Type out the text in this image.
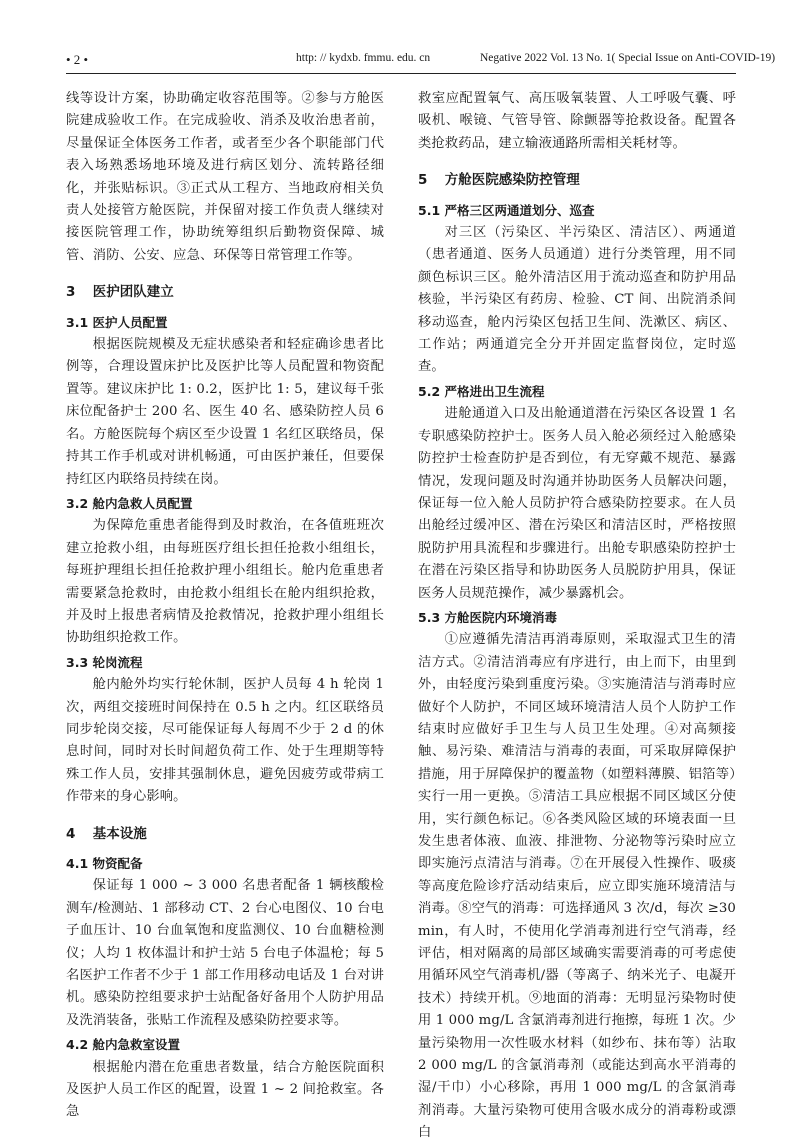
• 2 •	http: // kydxb. fmmu. edu. cn	Negative 2022 Vol. 13 No. 1( Special Issue on Anti-COVID-19)

线等设计方案，协助确定收容范围等。②参与方舱医院建成验收工作。在完成验收、消杀及收治患者前，尽量保证全体医务工作者，或者至少各个职能部门代表入场熟悉场地环境及进行病区划分、流转路径细化，并张贴标识。③正式从工程方、当地政府相关负责人处接管方舱医院，并保留对接工作负责人继续对接医院管理工作，协助统筹组织后勤物资保障、城管、消防、公安、应急、环保等日常管理工作等。

3 医护团队建立
3.1 医护人员配置

根据医院规模及无症状感染者和轻症确诊患者比例等，合理设置床护比及医护比等人员配置和物资配置等。建议床护比 1: 0.2，医护比 1: 5，建议每千张床位配备护士 200 名、医生 40 名、感染防控人员 6 名。方舱医院每个病区至少设置 1 名红区联络员，保持其工作手机或对讲机畅通，可由医护兼任，但要保持红区内联络员持续在岗。

3.2 舱内急救人员配置

为保障危重患者能得到及时救治，在各值班班次建立抢救小组，由每班医疗组长担任抢救小组组长，每班护理组长担任抢救护理小组组长。舱内危重患者需要紧急抢救时，由抢救小组组长在舱内组织抢救，并及时上报患者病情及抢救情况，抢救护理小组组长协助组织抢救工作。

3.3 轮岗流程

舱内舱外均实行轮休制，医护人员每 4 h 轮岗 1 次，两组交接班时间保持在 0.5 h 之内。红区联络员同步轮岗交接，尽可能保证每人每周不少于 2 d 的休息时间，同时对长时间超负荷工作、处于生理期等特殊工作人员，安排其强制休息，避免因疲劳或带病工作带来的身心影响。

4 基本设施
4.1 物资配备

保证每 1 000 ~ 3 000 名患者配备 1 辆核酸检测车/检测站、1 部移动 CT、2 台心电图仪、10 台电子血压计、10 台血氧饱和度监测仪、10 台血糖检测仪；人均 1 枚体温计和护士站 5 台电子体温枪；每 5 名医护工作者不少于 1 部工作用移动电话及 1 台对讲机。感染防控组要求护士站配备好备用个人防护用品及洗消装备，张贴工作流程及感染防控要求等。

4.2 舱内急救室设置

根据舱内潜在危重患者数量，结合方舱医院面积及医护人员工作区的配置，设置 1 ~ 2 间抢救室。各急

救室应配置氧气、高压吸氧装置、人工呼吸气囊、呼吸机、喉镜、气管导管、除颤器等抢救设备。配置各类抢救药品，建立输液通路所需相关耗材等。

5 方舱医院感染防控管理
5.1 严格三区两通道划分、巡查

对三区（污染区、半污染区、清洁区）、两通道（患者通道、医务人员通道）进行分类管理，用不同颜色标识三区。舱外清洁区用于流动巡查和防护用品核验，半污染区有药房、检验、CT 间、出院消杀间移动巡查，舱内污染区包括卫生间、洗漱区、病区、工作站；两通道完全分开并固定监督岗位，定时巡查。

5.2 严格进出卫生流程

进舱通道入口及出舱通道潜在污染区各设置 1 名专职感染防控护士。医务人员入舱必须经过入舱感染防控护士检查防护是否到位，有无穿戴不规范、暴露情况，发现问题及时沟通并协助医务人员解决问题，保证每一位入舱人员防护符合感染防控要求。在人员出舱经过缓冲区、潜在污染区和清洁区时，严格按照脱防护用具流程和步骤进行。出舱专职感染防控护士在潜在污染区指导和协助医务人员脱防护用具，保证医务人员规范操作，减少暴露机会。

5.3 方舱医院内环境消毒

①应遵循先清洁再消毒原则，采取湿式卫生的清洁方式。②清洁消毒应有序进行，由上而下，由里到外，由轻度污染到重度污染。③实施清洁与消毒时应做好个人防护，不同区域环境清洁人员个人防护工作结束时应做好手卫生与人员卫生处理。④对高频接触、易污染、难清洁与消毒的表面，可采取屏障保护措施，用于屏障保护的覆盖物（如塑料薄膜、铝箔等）实行一用一更换。⑤清洁工具应根据不同区域区分使用，实行颜色标记。⑥各类风险区域的环境表面一旦发生患者体液、血液、排泄物、分泌物等污染时应立即实施污点清洁与消毒。⑦在开展侵入性操作、吸痰等高度危险诊疗活动结束后，应立即实施环境清洁与消毒。⑧空气的消毒：可选择通风 3 次/d，每次 ≥30 min，有人时，不使用化学消毒剂进行空气消毒，经评估，相对隔离的局部区域确实需要消毒的可考虑使用循环风空气消毒机/器（等离子、纳米光子、电凝开技术）持续开机。⑨地面的消毒：无明显污染物时使用 1 000 mg/L 含氯消毒剂进行拖擦，每班 1 次。少量污染物用一次性吸水材料（如纱布、抹布等）沾取 2 000 mg/L 的含氯消毒剂（或能达到高水平消毒的湿/干巾）小心移除，再用 1 000 mg/L 的含氯消毒剂消毒。大量污染物可使用含吸水成分的消毒粉或漂白
